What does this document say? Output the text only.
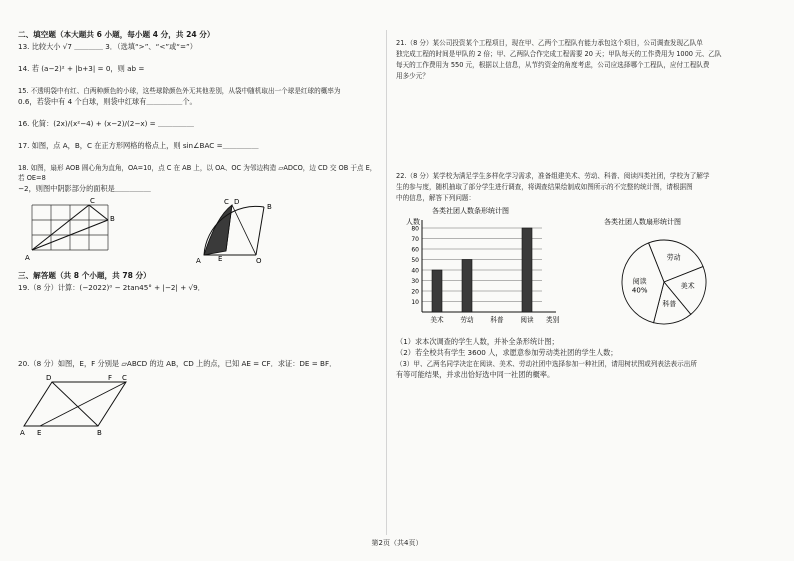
二、填空题（本大题共 6 小题，每小题 4 分，共 24 分）
13. 比较大小 √7 ＿＿＿＿ 3．（选填“>”、“<”或“=”）
14. 若 (a−2)² + |b+3| = 0，则 ab =
15. 不透明袋中有红、白两种颜色的小球，这些球除颜色外无其他差别，从袋中随机取出一个球是红球的概率为
0.6，若袋中有 4 个白球，则袋中红球有＿＿＿＿＿个。
16. 化简：(2x)/(x²−4) + (x−2)/(2−x) = ＿＿＿＿＿
17. 如图，点 A，B，C 在正方形网格的格点上，则 sin∠BAC =＿＿＿＿＿
18. 如图，扇形 AOB 圆心角为直角，OA=10，点 C 在 AB 上，以 OA、OC 为邻边构造 ▱ADCO，边 CD 交 OB 于点 E，若 OE=8
−2，则图中阴影部分的面积是＿＿＿＿＿
C
B
A
C D
B
A	O
E
三、解答题（共 8 个小题，共 78 分）
19.（8 分）计算：(−2022)⁰ − 2tan45° + |−2| + √9．
20.（8 分）如图，E，F 分别是 ▱ABCD 的边 AB，CD 上的点，已知 AE = CF．求证：DE = BF．
A E	B
D	C
F
21.（8 分）某公司投资某个工程项目，现在甲、乙两个工程队有能力承包这个项目，公司调查发现乙队单
独完成工程的时间是甲队的 2 倍；甲、乙两队合作完成工程需要 20 天；甲队每天的工作费用为 1000 元、乙队
每天的工作费用为 550 元，根据以上信息，从节约资金的角度考虑，公司应选择哪个工程队，应付工程队费
用多少元？
22.（8 分）某学校为满足学生多样化学习需求，准备组建美术、劳动、科普、阅读四类社团，学校为了解学
生的参与度，随机抽取了部分学生进行调查，将调查结果绘制成如图所示的不完整的统计图，请根据图
中的信息，解答下列问题：
各类社团人数条形统计图
人数
10
20
30
40
50
60
70
80
美术	劳动	科普	阅读 类别
各类社团人数扇形统计图
劳动
美术
科普
阅读
40%
（1）求本次调查的学生人数，并补全条形统计图；
（2）若全校共有学生 3600 人，求愿意参加劳动类社团的学生人数；
（3）甲、乙两名同学决定在阅读、美术、劳动社团中选择参加一种社团，请用树状图或列表法表示出所
有等可能结果，并求出恰好选中同一社团的概率。
第2页（共4页）
